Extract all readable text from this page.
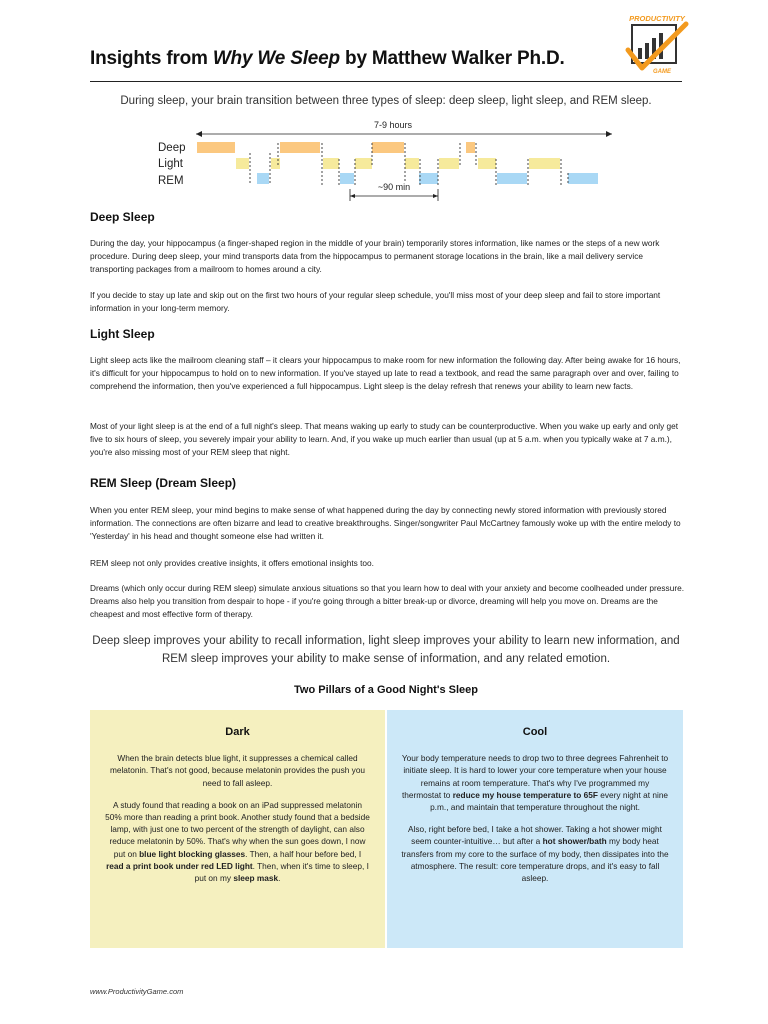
Insights from Why We Sleep by Matthew Walker Ph.D.
PRODUCTIVITY
GAME
During sleep, your brain transition between three types of sleep: deep sleep, light sleep, and REM sleep.
Deep
Light
REM
7-9 hours
~90 min
Deep Sleep
During the day, your hippocampus (a finger-shaped region in the middle of your brain) temporarily stores information, like names or the steps of a new work procedure. During deep sleep, your mind transports data from the hippocampus to permanent storage locations in the brain, like a mail delivery service transporting packages from a mailroom to homes around a city.
If you decide to stay up late and skip out on the first two hours of your regular sleep schedule, you'll miss most of your deep sleep and fail to store important information in your long-term memory.
Light Sleep
Light sleep acts like the mailroom cleaning staff – it clears your hippocampus to make room for new information the following day. After being awake for 16 hours, it's difficult for your hippocampus to hold on to new information. If you've stayed up late to read a textbook, and read the same paragraph over and over, failing to comprehend the information, then you've experienced a full hippocampus. Light sleep is the delay refresh that renews your ability to learn new facts.
Most of your light sleep is at the end of a full night's sleep. That means waking up early to study can be counterproductive. When you wake up early and only get five to six hours of sleep, you severely impair your ability to learn. And, if you wake up much earlier than usual (up at 5 a.m. when you typically wake at 7 a.m.), you're also missing most of your REM sleep that night.
REM Sleep (Dream Sleep)
When you enter REM sleep, your mind begins to make sense of what happened during the day by connecting newly stored information with previously stored information. The connections are often bizarre and lead to creative breakthroughs. Singer/songwriter Paul McCartney famously woke up with the entire melody to 'Yesterday' in his head and thought someone else had written it.
REM sleep not only provides creative insights, it offers emotional insights too.
Dreams (which only occur during REM sleep) simulate anxious situations so that you learn how to deal with your anxiety and become coolheaded under pressure. Dreams also help you transition from despair to hope - if you're going through a bitter break-up or divorce, dreaming will help you move on. Dreams are the cheapest and most effective form of therapy.
Deep sleep improves your ability to recall information, light sleep improves your ability to learn new information, and REM sleep improves your ability to make sense of information, and any related emotion.
Two Pillars of a Good Night's Sleep
Dark

When the brain detects blue light, it suppresses a chemical called melatonin. That's not good, because melatonin provides the push you need to fall asleep.

A study found that reading a book on an iPad suppressed melatonin 50% more than reading a print book. Another study found that a bedside lamp, with just one to two percent of the strength of daylight, can also reduce melatonin by 50%. That's why when the sun goes down, I now put on blue light blocking glasses. Then, a half hour before bed, I read a print book under red LED light. Then, when it's time to sleep, I put on my sleep mask.

Cool

Your body temperature needs to drop two to three degrees Fahrenheit to initiate sleep. It is hard to lower your core temperature when your house remains at room temperature. That's why I've programmed my thermostat to reduce my house temperature to 65F every night at nine p.m., and maintain that temperature throughout the night.

Also, right before bed, I take a hot shower. Taking a hot shower might seem counter-intuitive… but after a hot shower/bath my body heat transfers from my core to the surface of my body, then dissipates into the atmosphere. The result: core temperature drops, and it's easy to fall asleep.

www.ProductivityGame.com
